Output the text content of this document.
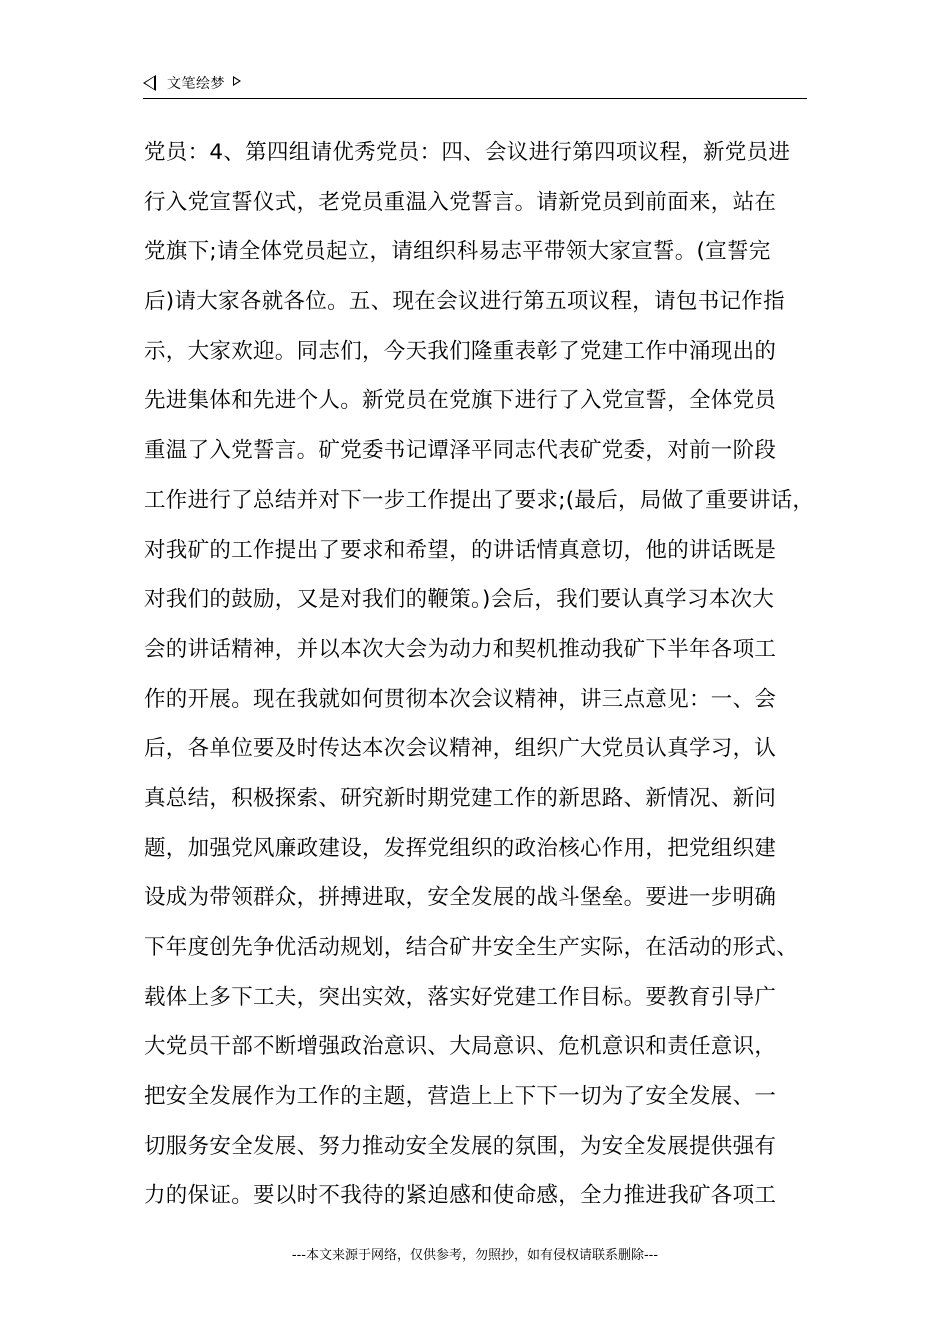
文笔绘梦
党员：4、第四组请优秀党员：四、会议进行第四项议程，新党员进
行入党宣誓仪式，老党员重温入党誓言。请新党员到前面来，站在
党旗下;请全体党员起立，请组织科易志平带领大家宣誓。(宣誓完
后)请大家各就各位。五、现在会议进行第五项议程，请包书记作指
示，大家欢迎。同志们，今天我们隆重表彰了党建工作中涌现出的
先进集体和先进个人。新党员在党旗下进行了入党宣誓，全体党员
重温了入党誓言。矿党委书记谭泽平同志代表矿党委，对前一阶段
工作进行了总结并对下一步工作提出了要求;(最后，局做了重要讲话，
对我矿的工作提出了要求和希望，的讲话情真意切，他的讲话既是
对我们的鼓励，又是对我们的鞭策。)会后，我们要认真学习本次大
会的讲话精神，并以本次大会为动力和契机推动我矿下半年各项工
作的开展。现在我就如何贯彻本次会议精神，讲三点意见：一、会
后，各单位要及时传达本次会议精神，组织广大党员认真学习，认
真总结，积极探索、研究新时期党建工作的新思路、新情况、新问
题，加强党风廉政建设，发挥党组织的政治核心作用，把党组织建
设成为带领群众，拼搏进取，安全发展的战斗堡垒。要进一步明确
下年度创先争优活动规划，结合矿井安全生产实际，在活动的形式、
载体上多下工夫，突出实效，落实好党建工作目标。要教育引导广
大党员干部不断增强政治意识、大局意识、危机意识和责任意识，
把安全发展作为工作的主题，营造上上下下一切为了安全发展、一
切服务安全发展、努力推动安全发展的氛围，为安全发展提供强有
力的保证。要以时不我待的紧迫感和使命感，全力推进我矿各项工
---本文来源于网络，仅供参考，勿照抄，如有侵权请联系删除---
